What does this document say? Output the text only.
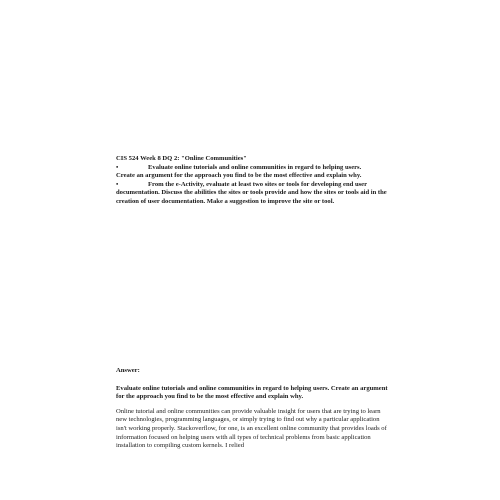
CIS 524 Week 8 DQ 2: "Online Communities"
•	Evaluate online tutorials and online communities in regard to helping users.
Create an argument for the approach you find to be the most effective and explain why.
•	From the e-Activity, evaluate at least two sites or tools for developing end user
documentation. Discuss the abilities the sites or tools provide and how the sites or tools aid in the creation of user documentation. Make a suggestion to improve the site or tool.
Answer:
Evaluate online tutorials and online communities in regard to helping users. Create an argument for the approach you find to be the most effective and explain why.
Online tutorial and online communities can provide valuable insight for users that are trying to learn new technologies, programming languages, or simply trying to find out why a particular application isn't working properly. Stackoverflow, for one, is an excellent online community that provides loads of information focused on helping users with all types of technical problems from basic application installation to compiling custom kernels. I relied
